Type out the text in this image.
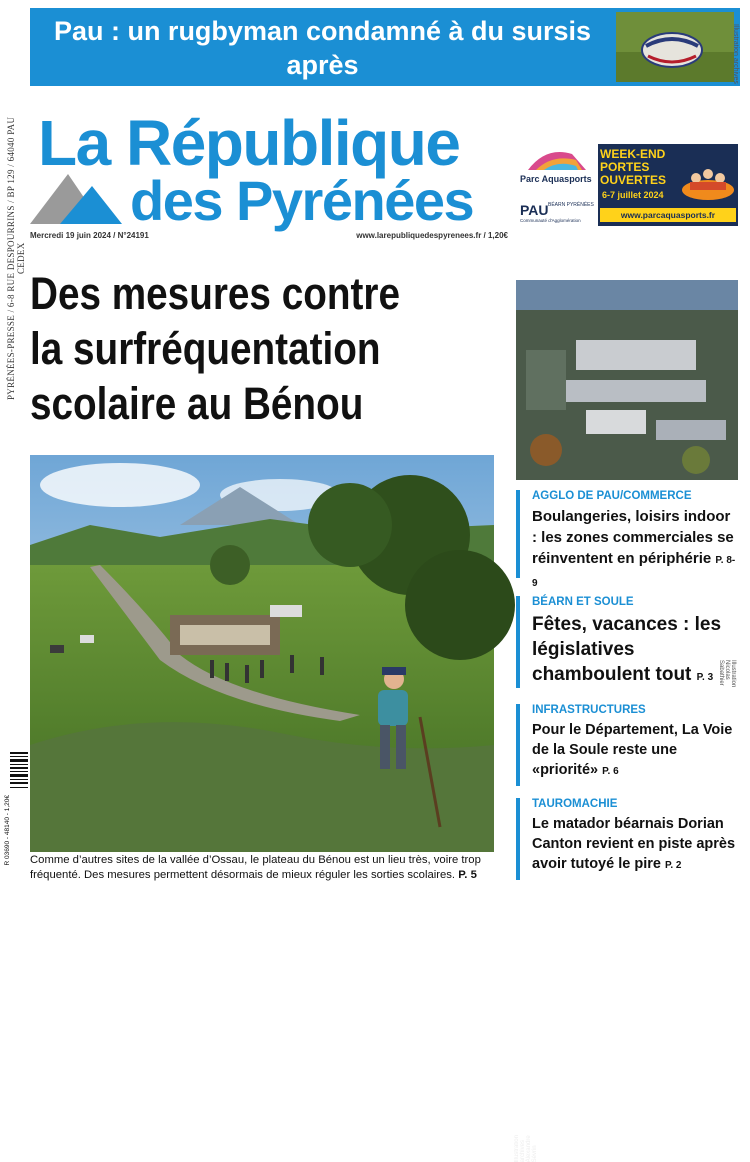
Pau : un rugbyman condamné à du sursis après
un coup de pied donné lors d’un placage P. 7
Illustration archives
PYRÉNÉES-PRESSE / 6-8 RUE DESPOURRINS / BP 129 / 64040 PAU CEDEX
La République
des Pyrénées
Mercredi 19 juin 2024 / N°24191	www.larepubliquedespyrenees.fr / 1,20€
Parc Aquasports
PAU BÉARN PYRÉNÉES
Communauté d'Agglomération
WEEK-END PORTES OUVERTES
6-7 juillet 2024
www.parcaquasports.fr
Des mesures contre
la surfréquentation
scolaire au Bénou
Illustration archives Alexandre Sévrin
Comme d’autres sites de la vallée d’Ossau, le plateau du Bénou est un lieu très, voire trop fréquenté. Des mesures permettent désormais de mieux réguler les sorties scolaires. P. 5
R 03690 - 48140 - 1,20€
Illustration Nicolas Sabathier
AGGLO DE PAU/COMMERCE
Boulangeries, loisirs indoor : les zones commerciales se réinventent en périphérie P. 8-9
BÉARN ET SOULE
Fêtes, vacances : les législatives chamboulent tout P. 3
INFRASTRUCTURES
Pour le Département, La Voie de la Soule reste une «priorité» P. 6
TAUROMACHIE
Le matador béarnais Dorian Canton revient en piste après avoir tutoyé le pire P. 2
